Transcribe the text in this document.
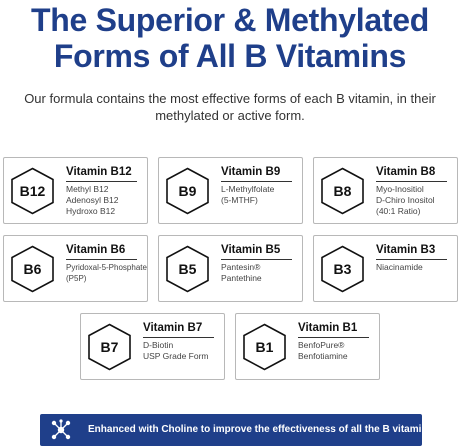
The Superior & Methylated
Forms of All B Vitamins
Our formula contains the most effective forms of each B vitamin, in their
methylated or active form.
B12
Vitamin B12
Methyl B12
Adenosyl B12
Hydroxo B12
B9
Vitamin B9
L-Methylfolate
(5-MTHF)
B8
Vitamin B8
Myo-Inositiol
D-Chiro Inositol
(40:1 Ratio)
B6
Vitamin B6
Pyridoxal-5-Phosphate
(P5P)
B5
Vitamin B5
Pantesin®
Pantethine
B3
Vitamin B3
Niacinamide
B7
Vitamin B7
D-Biotin
USP Grade Form
B1
Vitamin B1
BenfoPure®
Benfotiamine
Enhanced with Choline to improve the effectiveness of all the B vitamins.
